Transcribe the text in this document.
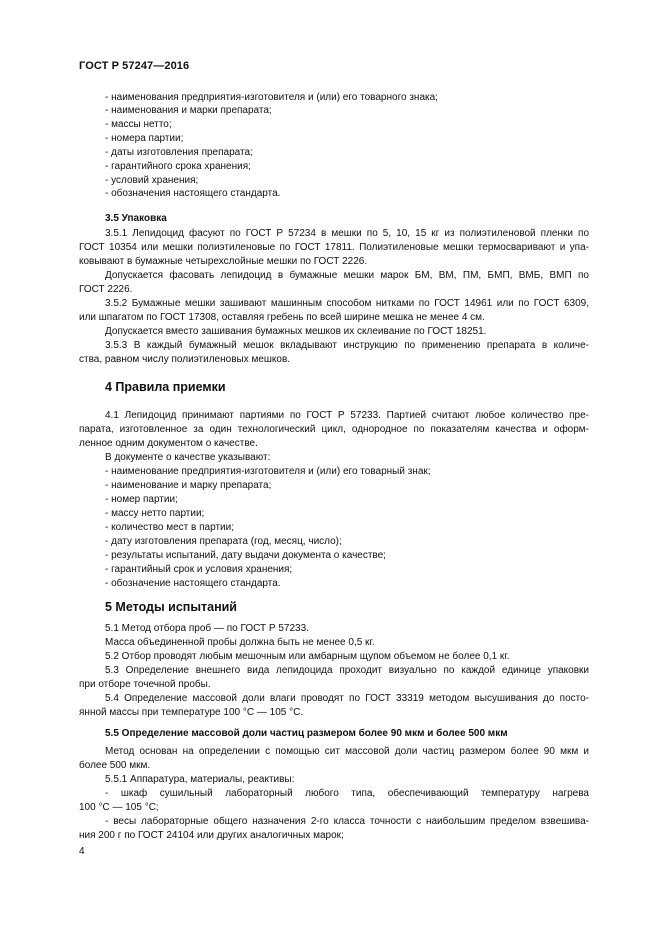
ГОСТ Р 57247—2016
- наименования предприятия-изготовителя и (или) его товарного знака;
- наименования и марки препарата;
- массы нетто;
- номера партии;
- даты изготовления препарата;
- гарантийного срока хранения;
- условий хранения;
- обозначения настоящего стандарта.
3.5 Упаковка
3.5.1 Лепидоцид фасуют по ГОСТ Р 57234 в мешки по 5, 10, 15 кг из полиэтиленовой пленки по
ГОСТ 10354 или мешки полиэтиленовые по ГОСТ 17811. Полиэтиленовые мешки термосваривают и упа-
ковывают в бумажные четырехслойные мешки по ГОСТ 2226.
Допускается фасовать лепидоцид в бумажные мешки марок БМ, ВМ, ПМ, БМП, ВМБ, ВМП по
ГОСТ 2226.
3.5.2 Бумажные мешки зашивают машинным способом нитками по ГОСТ 14961 или по ГОСТ 6309,
или шпагатом по ГОСТ 17308, оставляя гребень по всей ширине мешка не менее 4 см.
Допускается вместо зашивания бумажных мешков их склеивание по ГОСТ 18251.
3.5.3 В каждый бумажный мешок вкладывают инструкцию по применению препарата в количе-
ства, равном числу полиэтиленовых мешков.
4 Правила приемки
4.1 Лепидоцид принимают партиями по ГОСТ Р 57233. Партией считают любое количество пре-
парата, изготовленное за один технологический цикл, однородное по показателям качества и оформ-
ленное одним документом о качестве.
В документе о качестве указывают:
- наименование предприятия-изготовителя и (или) его товарный знак;
- наименование и марку препарата;
- номер партии;
- массу нетто партии;
- количество мест в партии;
- дату изготовления препарата (год, месяц, число);
- результаты испытаний, дату выдачи документа о качестве;
- гарантийный срок и условия хранения;
- обозначение настоящего стандарта.
5 Методы испытаний
5.1 Метод отбора проб — по ГОСТ Р 57233.
Масса объединенной пробы должна быть не менее 0,5 кг.
5.2 Отбор проводят любым мешочным или амбарным щупом объемом не более 0,1 кг.
5.3 Определение внешнего вида лепидоцида проходит визуально по каждой единице упаковки
при отборе точечной пробы.
5.4 Определение массовой доли влаги проводят по ГОСТ 33319 методом высушивания до посто-
янной массы при температуре 100 °С — 105 °С.
5.5 Определение массовой доли частиц размером более 90 мкм и более 500 мкм
Метод основан на определении с помощью сит массовой доли частиц размером более 90 мкм и
более 500 мкм.
5.5.1 Аппаратура, материалы, реактивы:
- шкаф сушильный лабораторный любого типа, обеспечивающий температуру нагрева
100 °С — 105 °С;
- весы лабораторные общего назначения 2-го класса точности с наибольшим пределом взвешива-
ния 200 г по ГОСТ 24104 или других аналогичных марок;
4
